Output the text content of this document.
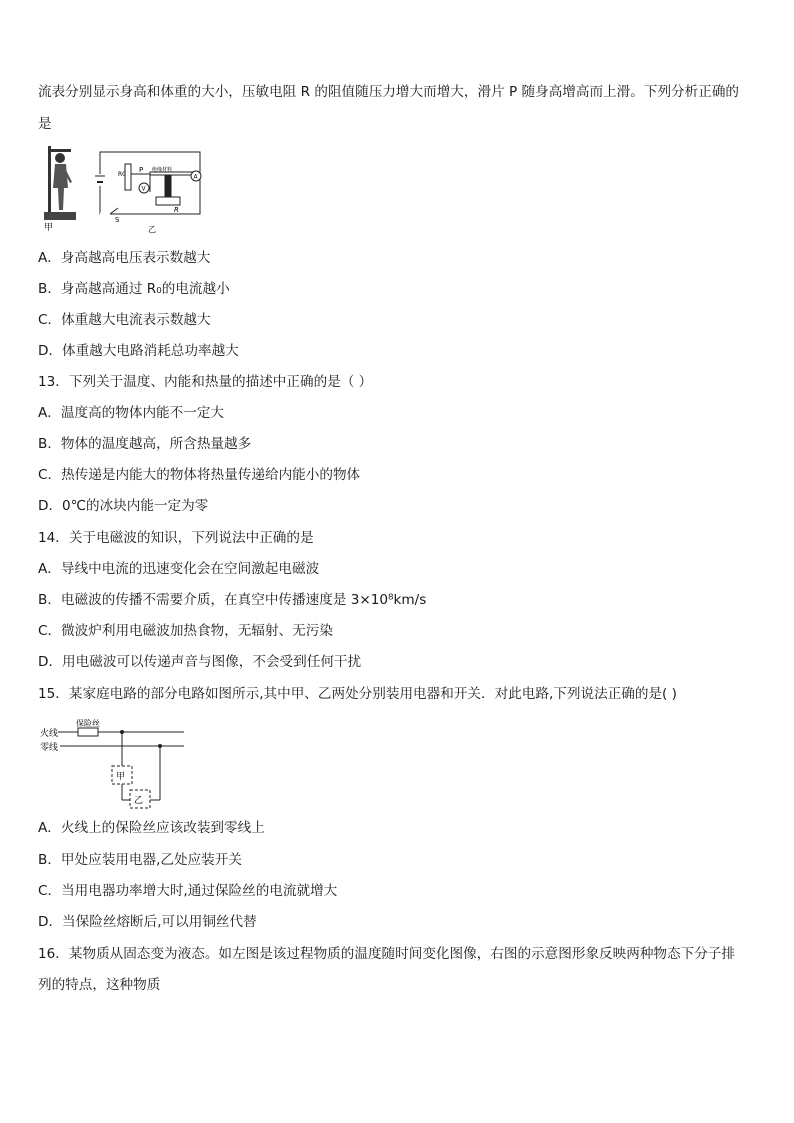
流表分别显示身高和体重的大小，压敏电阻 R 的阻值随压力增大而增大，滑片 P 随身高增高而上滑。下列分析正确的
是
甲
R0
P 绝缘材料
V
A
R
S
乙
A．身高越高电压表示数越大
B．身高越高通过 R₀的电流越小
C．体重越大电流表示数越大
D．体重越大电路消耗总功率越大
13．下列关于温度、内能和热量的描述中正确的是（ ）
A．温度高的物体内能不一定大
B．物体的温度越高，所含热量越多
C．热传递是内能大的物体将热量传递给内能小的物体
D．0℃的冰块内能一定为零
14．关于电磁波的知识，下列说法中正确的是
A．导线中电流的迅速变化会在空间激起电磁波
B．电磁波的传播不需要介质，在真空中传播速度是 3×10⁸km/s
C．微波炉利用电磁波加热食物，无辐射、无污染
D．用电磁波可以传递声音与图像，不会受到任何干扰
15．某家庭电路的部分电路如图所示,其中甲、乙两处分别装用电器和开关．对此电路,下列说法正确的是( )
火线
保险丝
零线
甲
乙
A．火线上的保险丝应该改装到零线上
B．甲处应装用电器,乙处应装开关
C．当用电器功率增大时,通过保险丝的电流就增大
D．当保险丝熔断后,可以用铜丝代替
16．某物质从固态变为液态。如左图是该过程物质的温度随时间变化图像，右图的示意图形象反映两种物态下分子排
列的特点，这种物质
